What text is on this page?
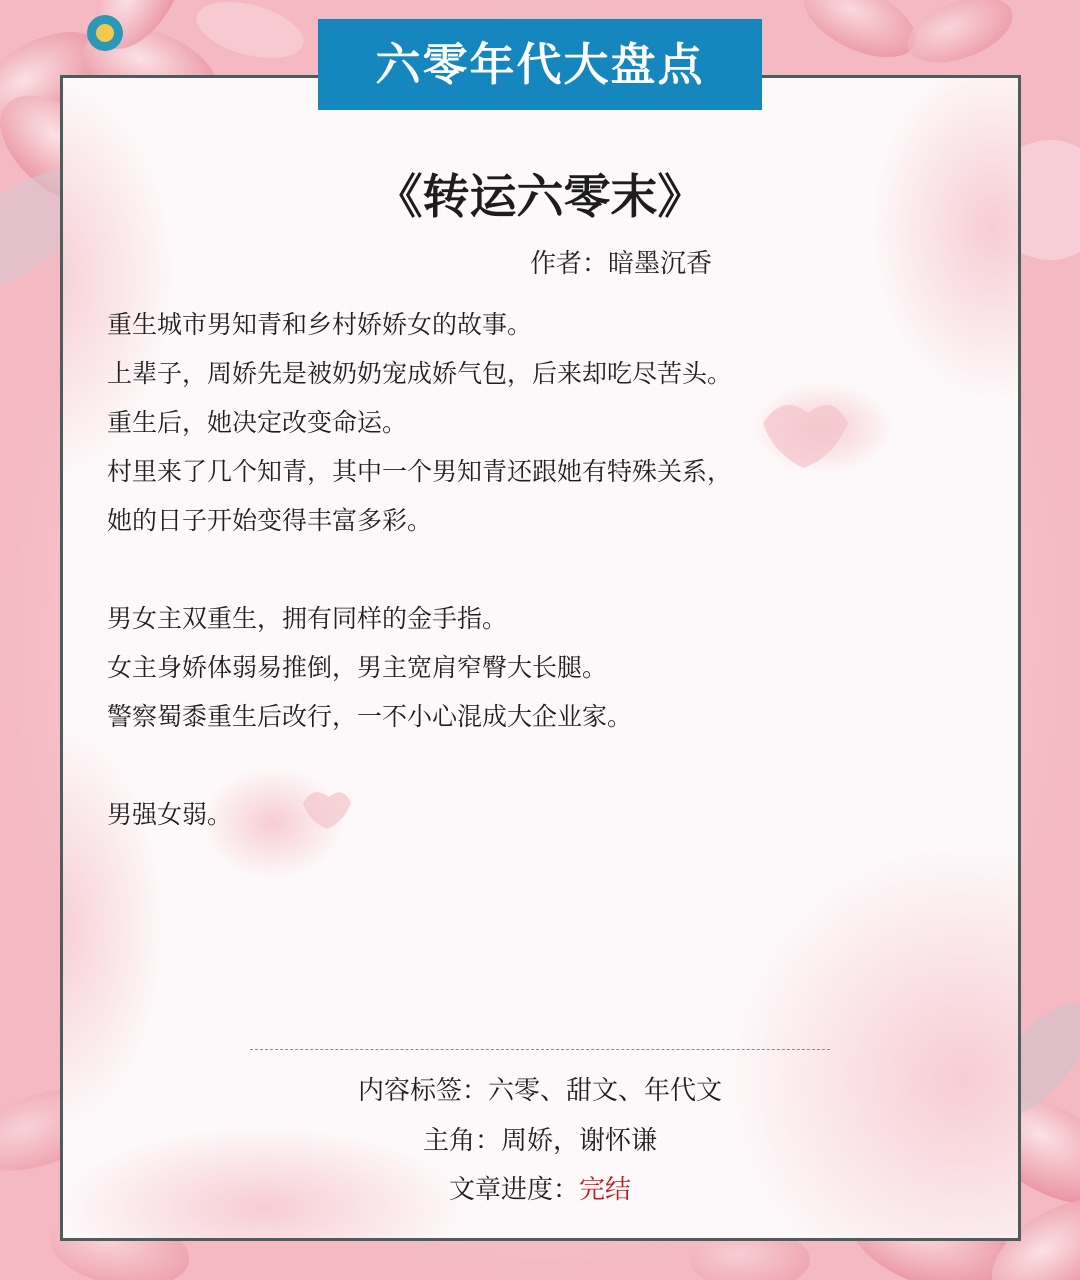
六零年代大盘点
《转运六零末》
作者：暗墨沉香
重生城市男知青和乡村娇娇女的故事。
上辈子，周娇先是被奶奶宠成娇气包，后来却吃尽苦头。
重生后，她决定改变命运。
村里来了几个知青，其中一个男知青还跟她有特殊关系，
她的日子开始变得丰富多彩。
男女主双重生，拥有同样的金手指。
女主身娇体弱易推倒，男主宽肩窄臀大长腿。
警察蜀黍重生后改行，一不小心混成大企业家。
男强女弱。
内容标签：六零、甜文、年代文
主角：周娇，谢怀谦
文章进度：完结
